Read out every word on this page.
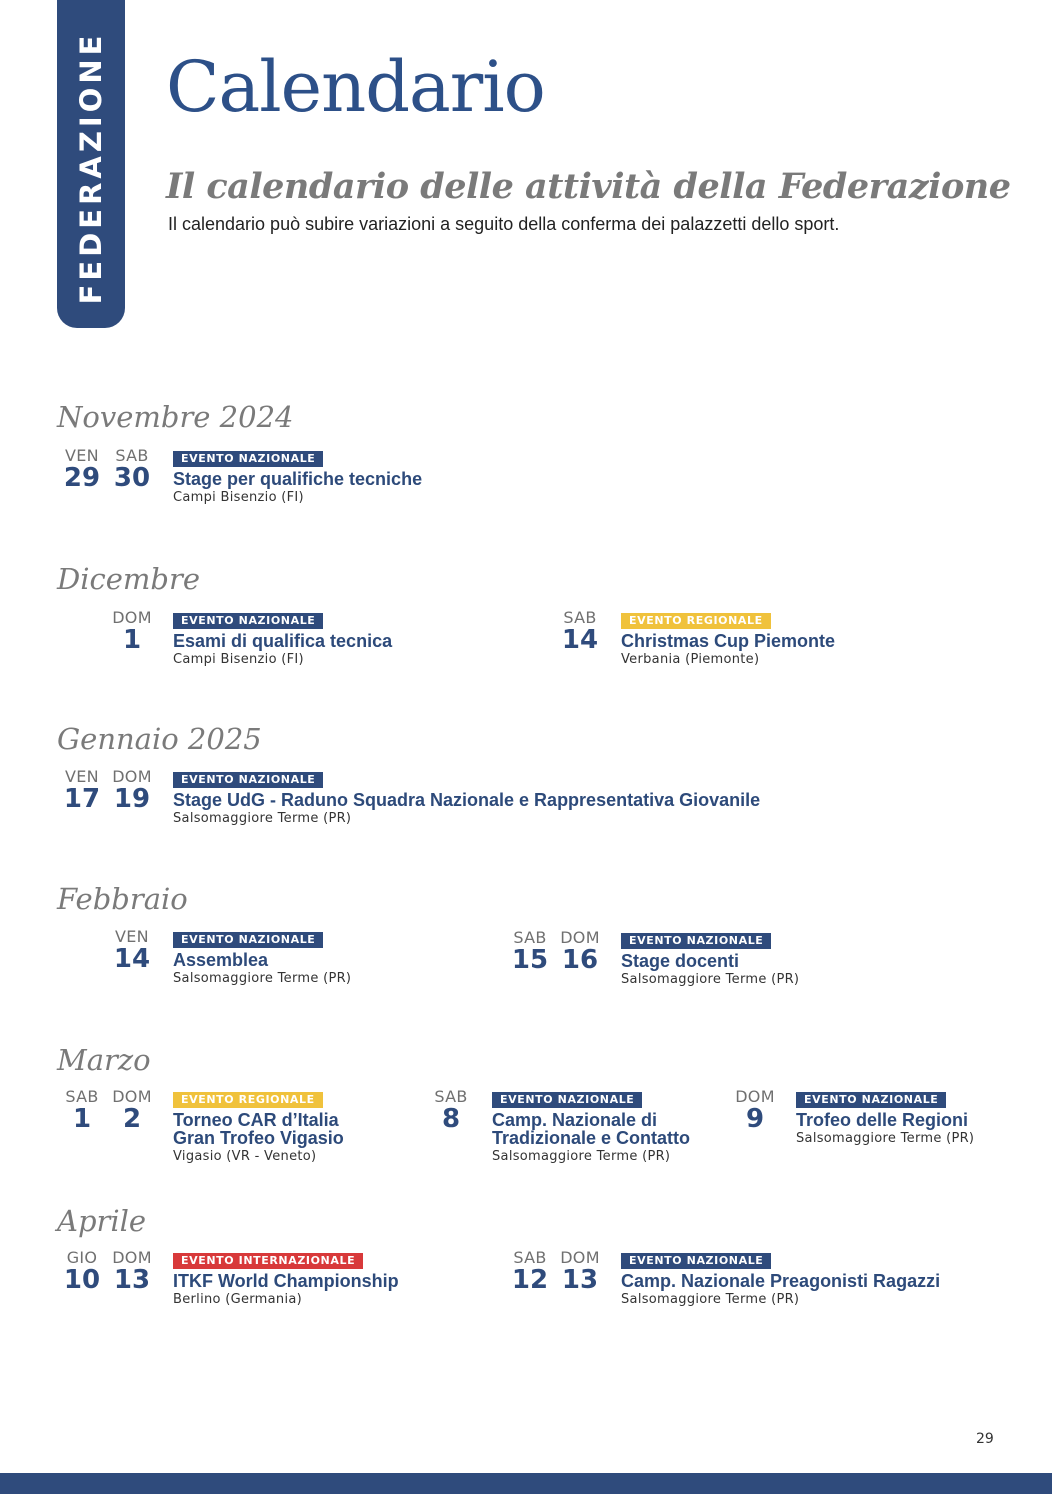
FEDERAZIONE Calendario
Il calendario delle attività della Federazione

Il calendario può subire variazioni a seguito della conferma dei palazzetti dello sport.

Novembre 2024
VEN
29
SAB
30
EVENTO NAZIONALE
Stage per qualifiche tecniche
Campi Bisenzio (FI)
Dicembre
DOM
1
EVENTO NAZIONALE
Esami di qualifica tecnica
Campi Bisenzio (FI)
SAB
14
EVENTO REGIONALE
Christmas Cup Piemonte
Verbania (Piemonte)
Gennaio 2025
VEN
17
DOM
19
EVENTO NAZIONALE
Stage UdG - Raduno Squadra Nazionale e Rappresentativa Giovanile
Salsomaggiore Terme (PR)
Febbraio
VEN
14
EVENTO NAZIONALE
Assemblea
Salsomaggiore Terme (PR)
SAB
15
DOM
16
EVENTO NAZIONALE
Stage docenti
Salsomaggiore Terme (PR)
Marzo
SAB
1
DOM
2
EVENTO REGIONALE
Torneo CAR d’Italia
Gran Trofeo Vigasio
Vigasio (VR - Veneto)
SAB
8
EVENTO NAZIONALE
Camp. Nazionale di
Tradizionale e Contatto
Salsomaggiore Terme (PR)
DOM
9
EVENTO NAZIONALE
Trofeo delle Regioni
Salsomaggiore Terme (PR)
Aprile
GIO
10
DOM
13
EVENTO INTERNAZIONALE
ITKF World Championship
Berlino (Germania)
SAB
12
DOM
13
EVENTO NAZIONALE
Camp. Nazionale Preagonisti Ragazzi
Salsomaggiore Terme (PR)
29
